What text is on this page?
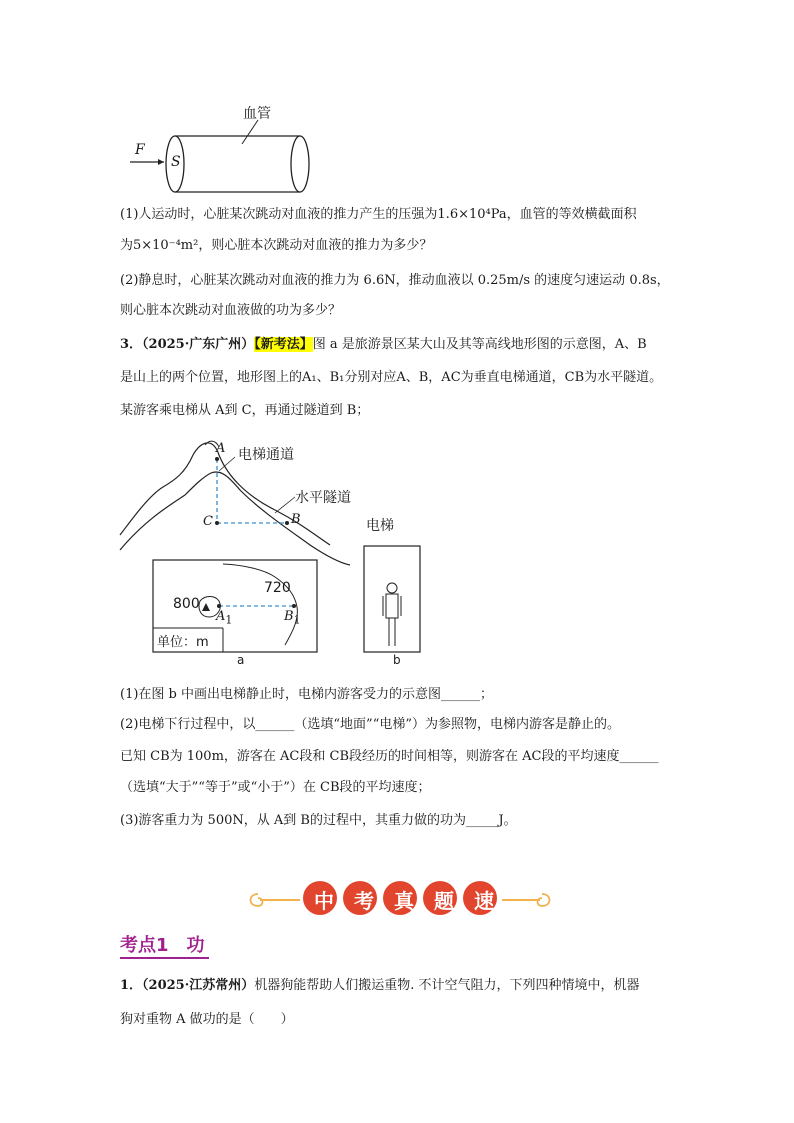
血管
F
S
(1)人运动时，心脏某次跳动对血液的推力产生的压强为1.6×10⁴Pa，血管的等效横截面积
为5×10⁻⁴m²，则心脏本次跳动对血液的推力为多少？
(2)静息时，心脏某次跳动对血液的推力为 6.6N，推动血液以 0.25m/s 的速度匀速运动 0.8s，
则心脏本次跳动对血液做的功为多少？
3．（2025·广东广州）【新考法】图 a 是旅游景区某大山及其等高线地形图的示意图，A、B
是山上的两个位置，地形图上的A₁、B₁分别对应A、B，AC为垂直电梯通道，CB为水平隧道。
某游客乘电梯从 A到 C，再通过隧道到 B；
A
C	B
电梯通道
水平隧道
800
720
$A_1$	$B_1$
单位：m
a
电梯
b
(1)在图 b 中画出电梯静止时，电梯内游客受力的示意图______；
(2)电梯下行过程中，以______（选填“地面”“电梯”）为参照物，电梯内游客是静止的。
已知 CB为 100m，游客在 AC段和 CB段经历的时间相等，则游客在 AC段的平均速度______
（选填“大于”“等于”或“小于”）在 CB段的平均速度；
(3)游客重力为 500N，从 A到 B的过程中，其重力做的功为_____J。
中	考	真	题	速
考点1　功
1．（2025·江苏常州）机器狗能帮助人们搬运重物. 不计空气阻力，下列四种情境中，机器
狗对重物 A 做功的是（　　）
